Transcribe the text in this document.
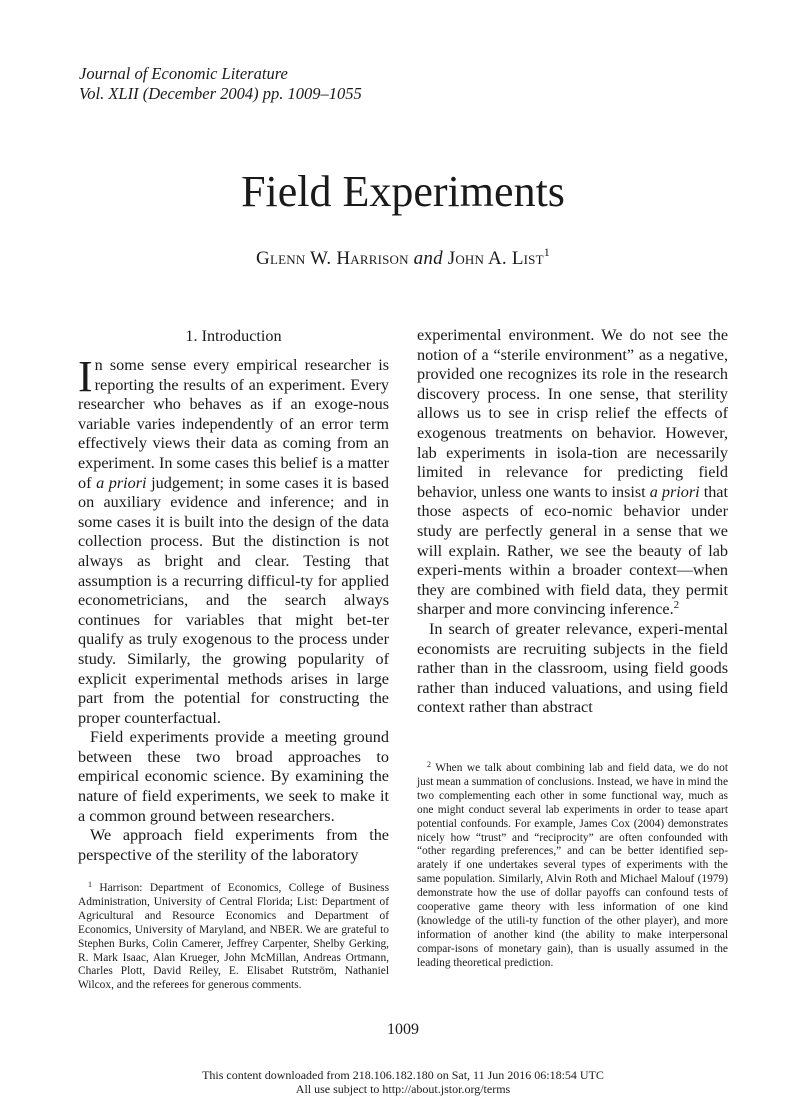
Journal of Economic Literature
Vol. XLII (December 2004) pp. 1009–1055
Field Experiments
Glenn W. Harrison and John A. List$^1$
1. Introduction

In some sense every empirical researcher is reporting the results of an experiment. Every researcher who behaves as if an exoge-nous variable varies independently of an error term effectively views their data as coming from an experiment. In some cases this belief is a matter of a priori judgement; in some cases it is based on auxiliary evidence and inference; and in some cases it is built into the design of the data collection process. But the distinction is not always as bright and clear. Testing that assumption is a recurring difficul-ty for applied econometricians, and the search always continues for variables that might bet-ter qualify as truly exogenous to the process under study. Similarly, the growing popularity of explicit experimental methods arises in large part from the potential for constructing the proper counterfactual.

Field experiments provide a meeting ground between these two broad approaches to empirical economic science. By examining the nature of field experiments, we seek to make it a common ground between researchers.

We approach field experiments from the perspective of the sterility of the laboratory

experimental environment. We do not see the notion of a “sterile environment” as a negative, provided one recognizes its role in the research discovery process. In one sense, that sterility allows us to see in crisp relief the effects of exogenous treatments on behavior. However, lab experiments in isola-tion are necessarily limited in relevance for predicting field behavior, unless one wants to insist a priori that those aspects of eco-nomic behavior under study are perfectly general in a sense that we will explain. Rather, we see the beauty of lab experi-ments within a broader context—when they are combined with field data, they permit sharper and more convincing inference.$^2$

In search of greater relevance, experi-mental economists are recruiting subjects in the field rather than in the classroom, using field goods rather than induced valuations, and using field context rather than abstract

$^1$ Harrison: Department of Economics, College of Business Administration, University of Central Florida; List: Department of Agricultural and Resource Economics and Department of Economics, University of Maryland, and NBER. We are grateful to Stephen Burks, Colin Camerer, Jeffrey Carpenter, Shelby Gerking, R. Mark Isaac, Alan Krueger, John McMillan, Andreas Ortmann, Charles Plott, David Reiley, E. Elisabet Rutström, Nathaniel Wilcox, and the referees for generous comments.

$^2$ When we talk about combining lab and field data, we do not just mean a summation of conclusions. Instead, we have in mind the two complementing each other in some functional way, much as one might conduct several lab experiments in order to tease apart potential confounds. For example, James Cox (2004) demonstrates nicely how “trust” and “reciprocity” are often confounded with “other regarding preferences,” and can be better identified sep-arately if one undertakes several types of experiments with the same population. Similarly, Alvin Roth and Michael Malouf (1979) demonstrate how the use of dollar payoffs can confound tests of cooperative game theory with less information of one kind (knowledge of the utili-ty function of the other player), and more information of another kind (the ability to make interpersonal compar-isons of monetary gain), than is usually assumed in the leading theoretical prediction.

1009
This content downloaded from 218.106.182.180 on Sat, 11 Jun 2016 06:18:54 UTC
All use subject to http://about.jstor.org/terms
